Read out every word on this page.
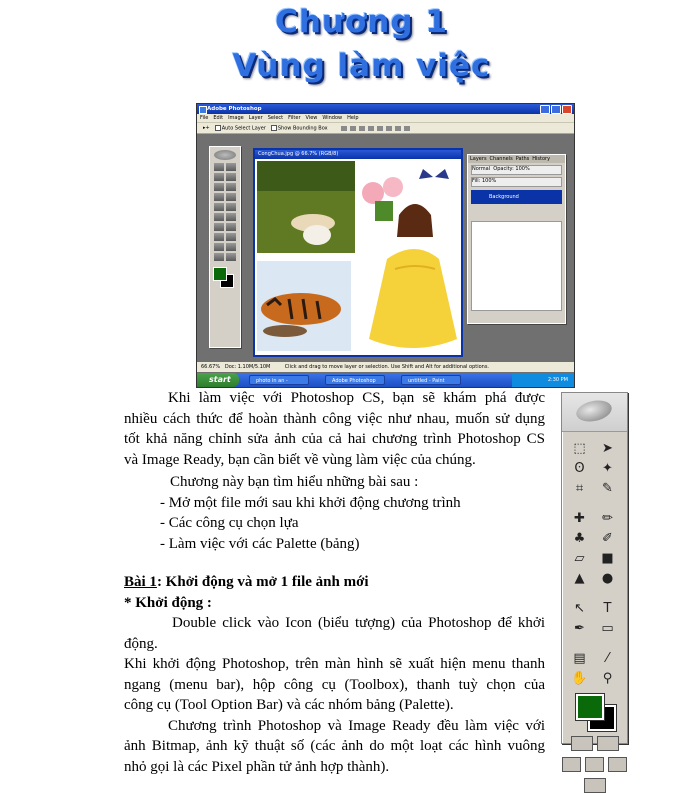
Chương 1
Vùng làm việc
Adobe Photoshop
File Edit Image Layer Select Filter View Window Help
▸+	Auto Select Layer	Show Bounding Box
CongChua.jpg @ 66.7% (RGB/8)
Layers Channels Paths History
Normal Opacity: 100%
Fill: 100%
Background
66.67% Doc: 1.10M/5.10M	Click and drag to move layer or selection. Use Shift and Alt for additional options.
start	photo in an -	Adobe Photoshop	untitled - Paint	2:30 PM
⬚	➤
ʘ	✦
⌗	✎
✚	✏
♣	✐
▱	■
▲	●
↖	T
✒	▭
▤	⁄
✋	⚲
Khi làm việc với Photoshop CS, bạn sẽ khám phá được
nhiều cách thức để hoàn thành công việc như nhau, muốn sử dụng
tốt khả năng chỉnh sửa ảnh của cả hai chương trình Photoshop CS
và Image Ready, bạn cần biết về vùng làm việc của chúng.
Chương này bạn tìm hiểu những bài sau :
- Mở một file mới sau khi khởi động chương trình
- Các công cụ chọn lựa
- Làm việc với các Palette (bảng)
Bài 1: Khởi động và mở 1 file ảnh mới
* Khởi động :
Double click vào Icon (biểu tượng) của Photoshop để khởi
động.
Khi khởi động Photoshop, trên màn hình sẽ xuất hiện menu thanh
ngang (menu bar), hộp công cụ (Toolbox), thanh tuỳ chọn của
công cụ (Tool Option Bar) và các nhóm bảng (Palette).
Chương trình Photoshop và Image Ready đều làm việc với
ảnh Bitmap, ảnh kỹ thuật số (các ảnh do một loạt các hình vuông
nhỏ gọi là các Pixel phần tử ảnh hợp thành).
